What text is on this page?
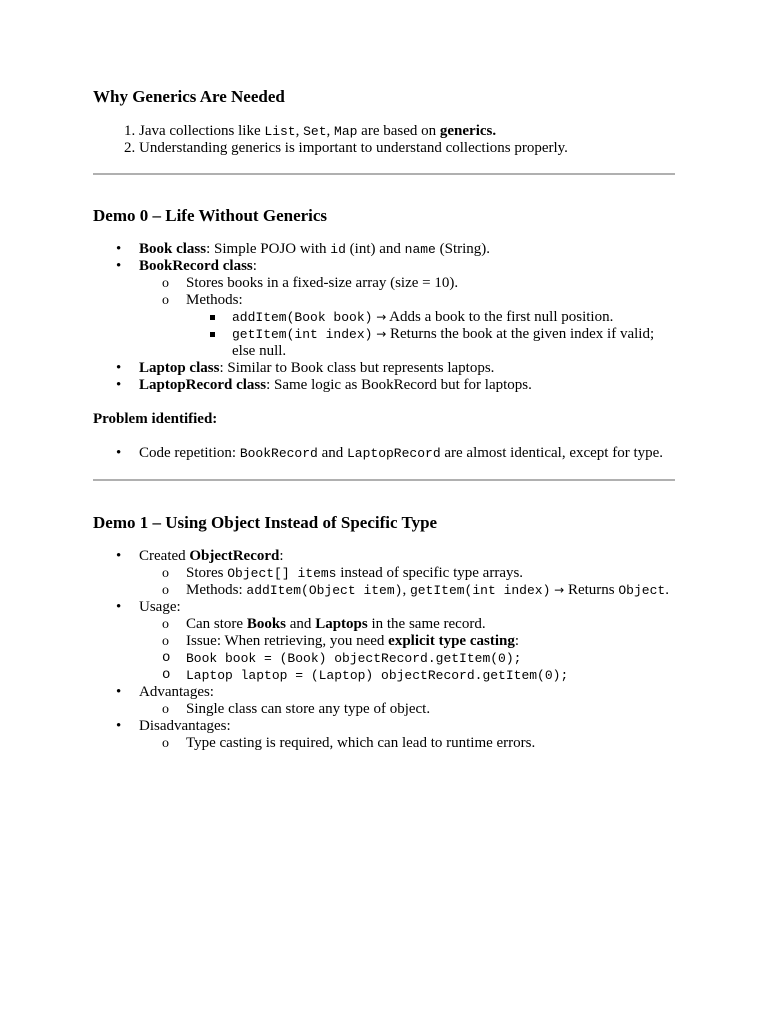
Why Generics Are Needed
1. Java collections like List, Set, Map are based on generics.
2. Understanding generics is important to understand collections properly.
Demo 0 – Life Without Generics
• Book class: Simple POJO with id (int) and name (String).
• BookRecord class:
o Stores books in a fixed-size array (size = 10).
o Methods:
addItem(Book book) → Adds a book to the first null position.
getItem(int index) → Returns the book at the given index if valid; else null.
• Laptop class: Similar to Book class but represents laptops.
• LaptopRecord class: Same logic as BookRecord but for laptops.
Problem identified:
• Code repetition: BookRecord and LaptopRecord are almost identical, except for type.
Demo 1 – Using Object Instead of Specific Type
• Created ObjectRecord:
o Stores Object[] items instead of specific type arrays.
o Methods: addItem(Object item), getItem(int index) → Returns Object.
• Usage:
o Can store Books and Laptops in the same record.
o Issue: When retrieving, you need explicit type casting:
o Book book = (Book) objectRecord.getItem(0);
o Laptop laptop = (Laptop) objectRecord.getItem(0);
• Advantages:
o Single class can store any type of object.
• Disadvantages:
o Type casting is required, which can lead to runtime errors.
